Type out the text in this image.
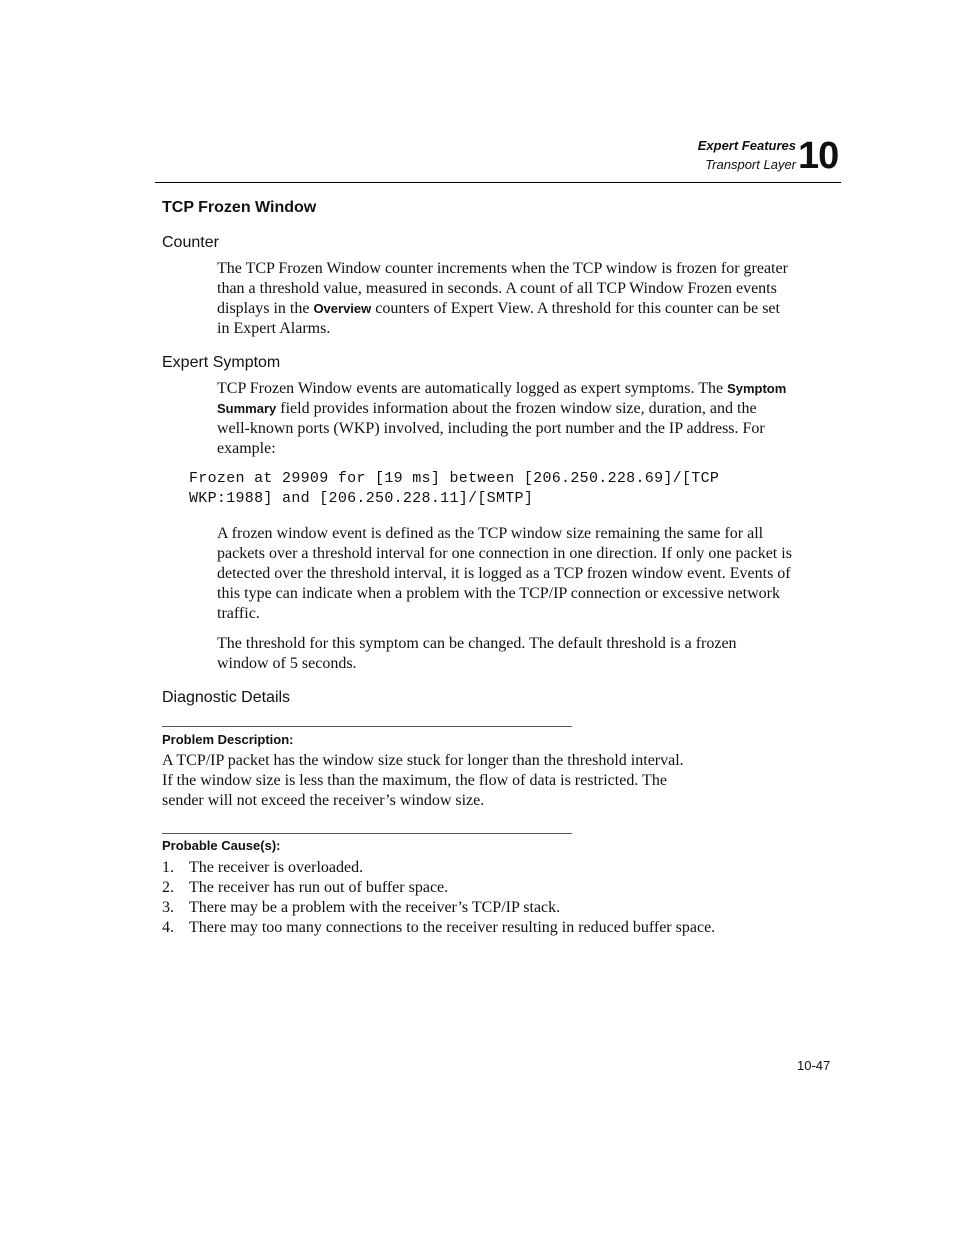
Expert Features
Transport Layer 10
TCP Frozen Window
Counter

The TCP Frozen Window counter increments when the TCP window is frozen for greater than a threshold value, measured in seconds. A count of all TCP Window Frozen events displays in the Overview counters of Expert View. A threshold for this counter can be set in Expert Alarms.

Expert Symptom

TCP Frozen Window events are automatically logged as expert symptoms. The Symptom Summary field provides information about the frozen window size, duration, and the well-known ports (WKP) involved, including the port number and the IP address. For example:

Frozen at 29909 for [19 ms] between [206.250.228.69]/[TCP
WKP:1988] and [206.250.228.11]/[SMTP]

A frozen window event is defined as the TCP window size remaining the same for all packets over a threshold interval for one connection in one direction. If only one packet is detected over the threshold interval, it is logged as a TCP frozen window event. Events of this type can indicate when a problem with the TCP/IP connection or excessive network traffic.

The threshold for this symptom can be changed. The default threshold is a frozen window of 5 seconds.

Diagnostic Details
Problem Description:
A TCP/IP packet has the window size stuck for longer than the threshold interval.
If the window size is less than the maximum, the flow of data is restricted. The
sender will not exceed the receiver’s window size.
Probable Cause(s):
1. The receiver is overloaded.
2. The receiver has run out of buffer space.
3. There may be a problem with the receiver’s TCP/IP stack.
4. There may too many connections to the receiver resulting in reduced buffer space.
10-47
